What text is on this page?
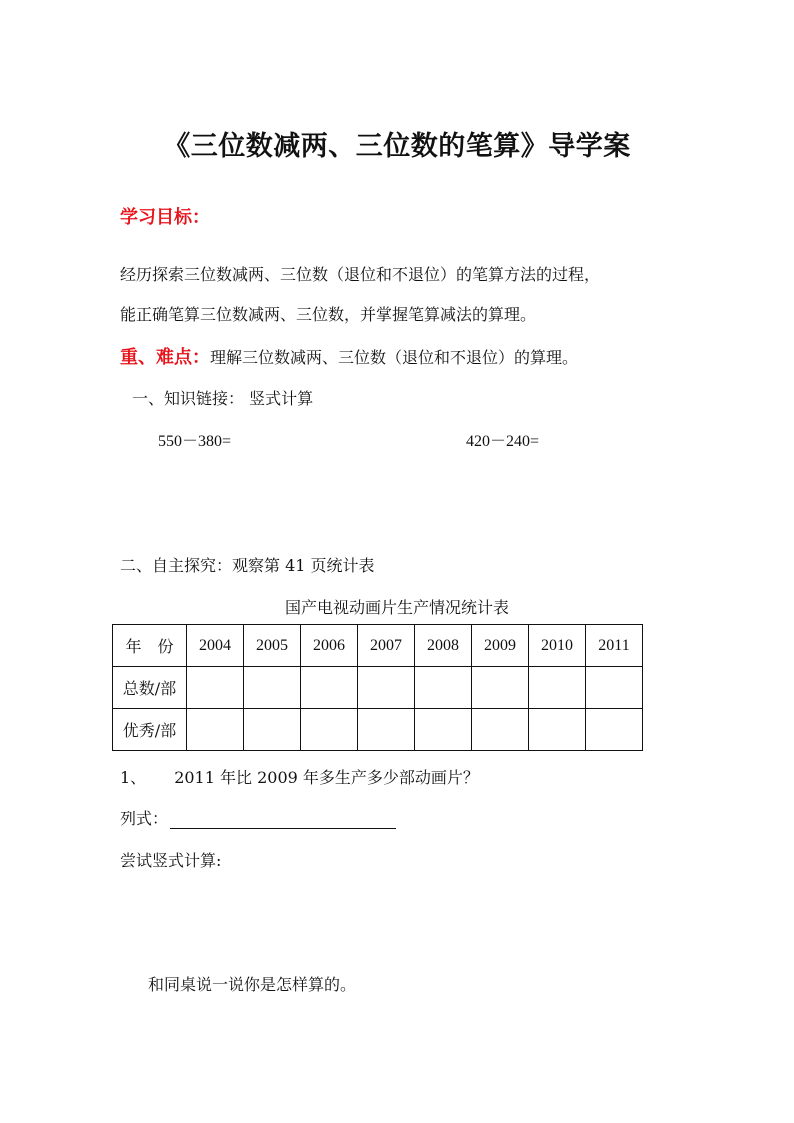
《三位数减两、三位数的笔算》导学案
学习目标：
经历探索三位数减两、三位数（退位和不退位）的笔算方法的过程，
能正确笔算三位数减两、三位数，并掌握笔算减法的算理。
重、难点：理解三位数减两、三位数（退位和不退位）的算理。
一、知识链接： 竖式计算
550－380=	420－240=
二、自主探究：观察第 41 页统计表
国产电视动画片生产情况统计表
年　份	2004	2005	2006	2007	2008	2009	2010	2011
总数/部								
优秀/部								
1、 2011 年比 2009 年多生产多少部动画片？
列式：
尝试竖式计算:
和同桌说一说你是怎样算的。
